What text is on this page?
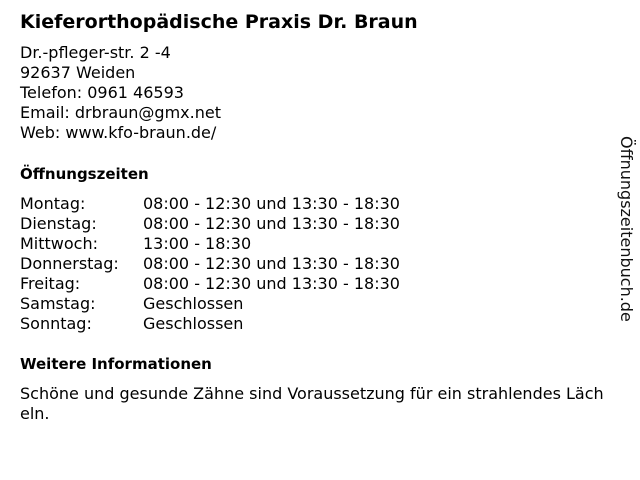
Kieferorthopädische Praxis Dr. Braun
Dr.-pfleger-str. 2 -4
92637 Weiden
Telefon: 0961 46593
Email: drbraun@gmx.net
Web: www.kfo-braun.de/
Öffnungszeiten
Montag:	08:00 - 12:30 und 13:30 - 18:30
Dienstag:	08:00 - 12:30 und 13:30 - 18:30
Mittwoch:	13:00 - 18:30
Donnerstag:	08:00 - 12:30 und 13:30 - 18:30
Freitag:	08:00 - 12:30 und 13:30 - 18:30
Samstag:	Geschlossen
Sonntag:	Geschlossen
Weitere Informationen
Schöne und gesunde Zähne sind Voraussetzung für ein strahlendes Lächeln.
Öffnungszeitenbuch.de
